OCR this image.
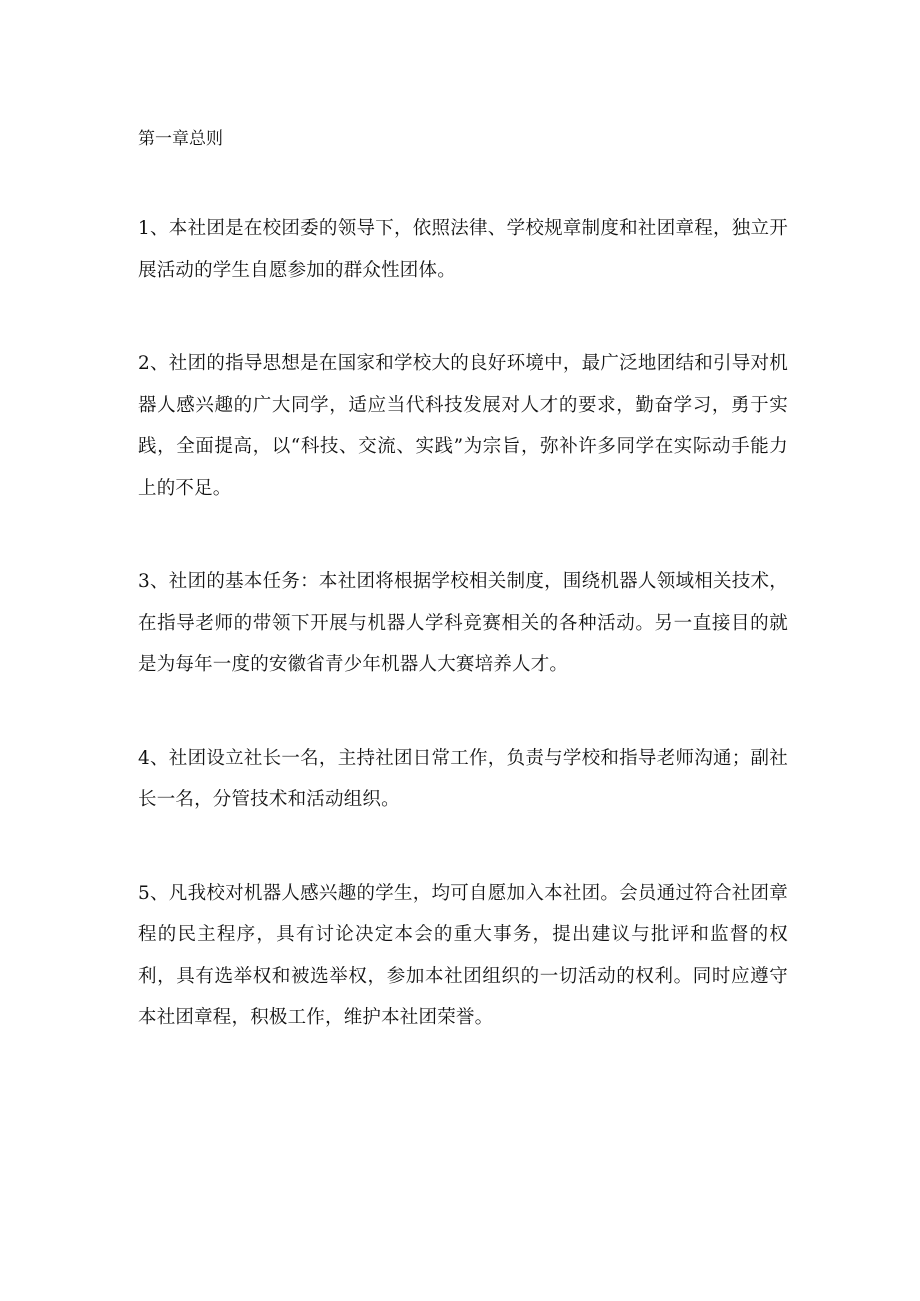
第一章总则

1、本社团是在校团委的领导下，依照法律、学校规章制度和社团章程，独立开展活动的学生自愿参加的群众性团体。

2、社团的指导思想是在国家和学校大的良好环境中，最广泛地团结和引导对机器人感兴趣的广大同学，适应当代科技发展对人才的要求，勤奋学习，勇于实践，全面提高，以“科技、交流、实践”为宗旨，弥补许多同学在实际动手能力上的不足。

3、社团的基本任务：本社团将根据学校相关制度，围绕机器人领域相关技术，在指导老师的带领下开展与机器人学科竞赛相关的各种活动。另一直接目的就是为每年一度的安徽省青少年机器人大赛培养人才。

4、社团设立社长一名，主持社团日常工作，负责与学校和指导老师沟通；副社长一名，分管技术和活动组织。

5、凡我校对机器人感兴趣的学生，均可自愿加入本社团。会员通过符合社团章程的民主程序，具有讨论决定本会的重大事务，提出建议与批评和监督的权利，具有选举权和被选举权，参加本社团组织的一切活动的权利。同时应遵守本社团章程，积极工作，维护本社团荣誉。
